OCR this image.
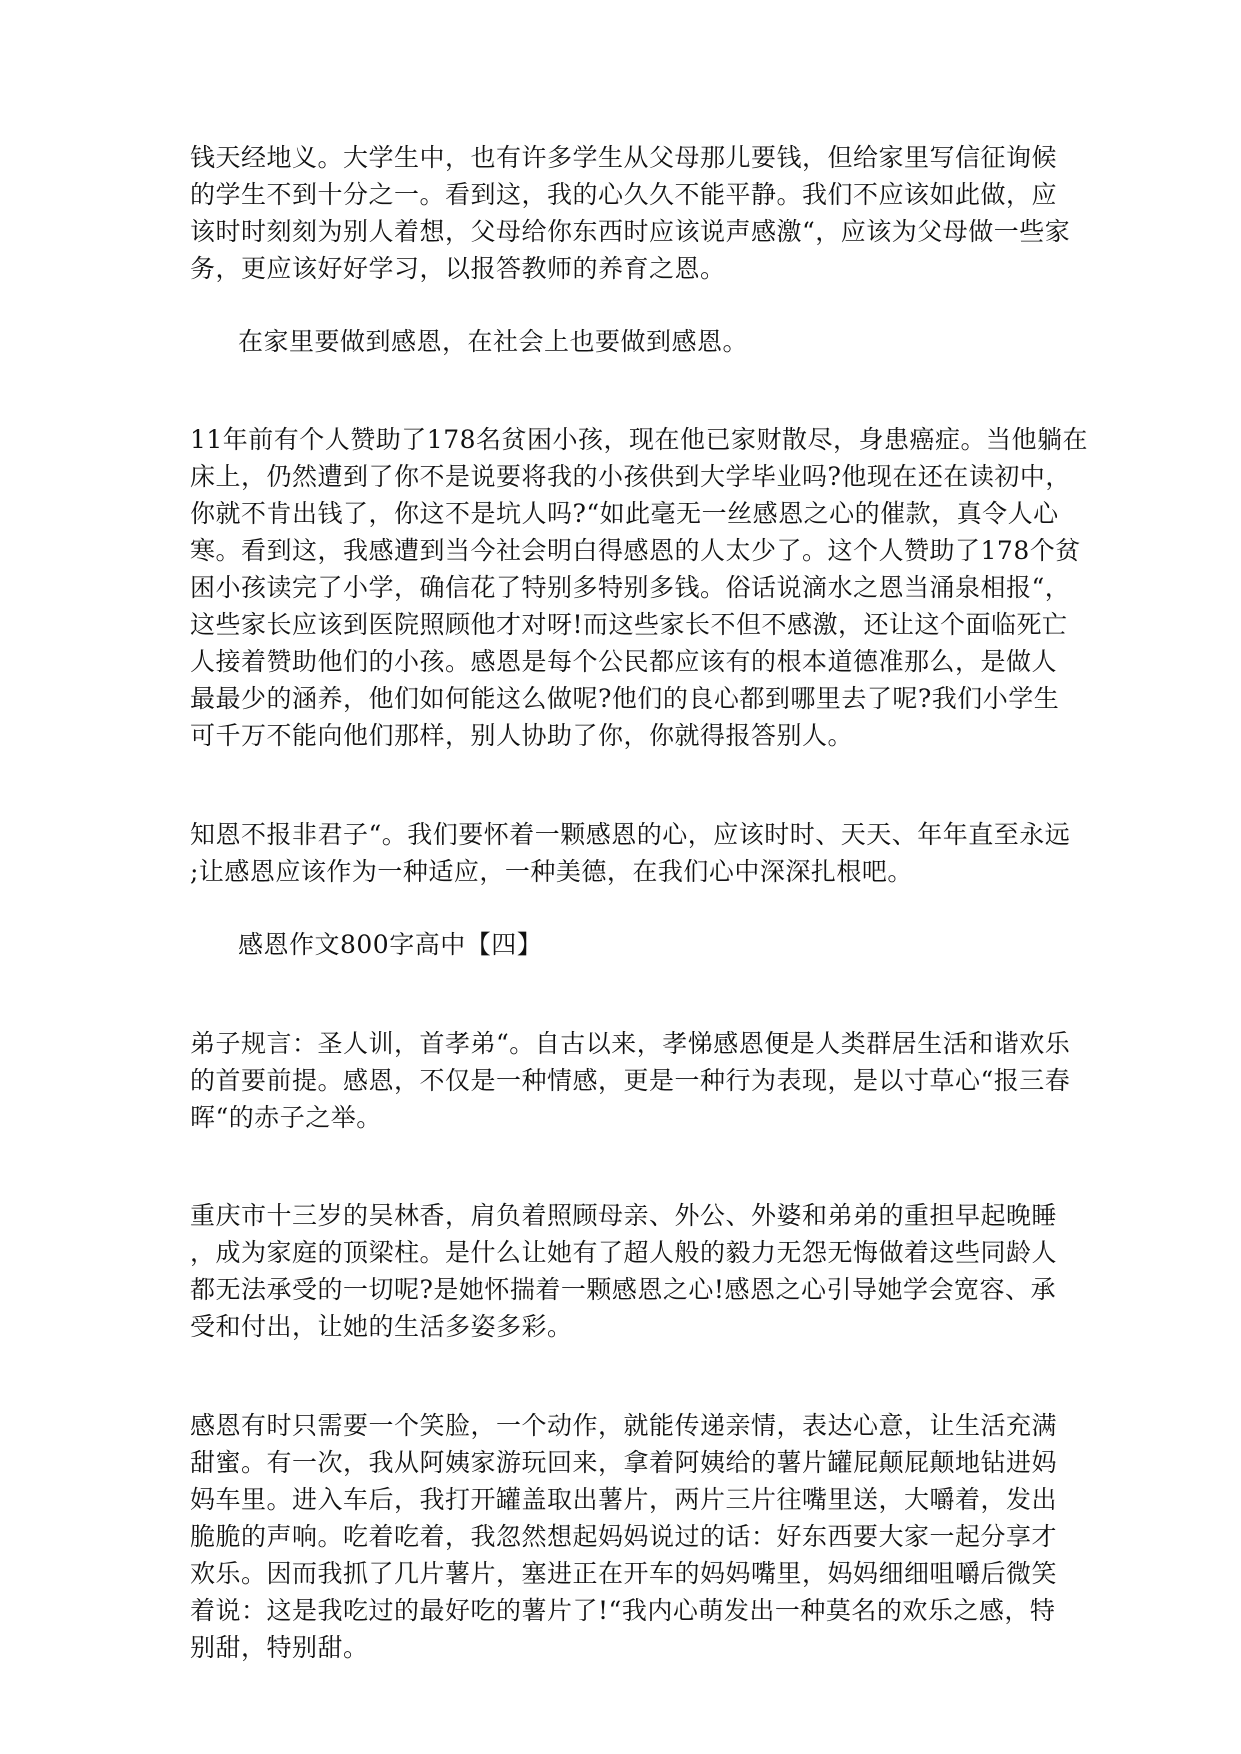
钱天经地义。大学生中，也有许多学生从父母那儿要钱，但给家里写信征询候
的学生不到十分之一。看到这，我的心久久不能平静。我们不应该如此做，应
该时时刻刻为别人着想，父母给你东西时应该说声感激“，应该为父母做一些家
务，更应该好好学习，以报答教师的养育之恩。
在家里要做到感恩，在社会上也要做到感恩。
11年前有个人赞助了178名贫困小孩，现在他已家财散尽，身患癌症。当他躺在
床上，仍然遭到了你不是说要将我的小孩供到大学毕业吗?他现在还在读初中，
你就不肯出钱了，你这不是坑人吗?“如此毫无一丝感恩之心的催款，真令人心
寒。看到这，我感遭到当今社会明白得感恩的人太少了。这个人赞助了178个贫
困小孩读完了小学，确信花了特别多特别多钱。俗话说滴水之恩当涌泉相报“，
这些家长应该到医院照顾他才对呀!而这些家长不但不感激，还让这个面临死亡
人接着赞助他们的小孩。感恩是每个公民都应该有的根本道德准那么，是做人
最最少的涵养，他们如何能这么做呢?他们的良心都到哪里去了呢?我们小学生
可千万不能向他们那样，别人协助了你，你就得报答别人。
知恩不报非君子“。我们要怀着一颗感恩的心，应该时时、天天、年年直至永远
;让感恩应该作为一种适应，一种美德，在我们心中深深扎根吧。
感恩作文800字高中【四】
弟子规言：圣人训，首孝弟“。自古以来，孝悌感恩便是人类群居生活和谐欢乐
的首要前提。感恩，不仅是一种情感，更是一种行为表现，是以寸草心“报三春
晖“的赤子之举。
重庆市十三岁的吴林香，肩负着照顾母亲、外公、外婆和弟弟的重担早起晚睡
，成为家庭的顶梁柱。是什么让她有了超人般的毅力无怨无悔做着这些同龄人
都无法承受的一切呢?是她怀揣着一颗感恩之心!感恩之心引导她学会宽容、承
受和付出，让她的生活多姿多彩。
感恩有时只需要一个笑脸，一个动作，就能传递亲情，表达心意，让生活充满
甜蜜。有一次，我从阿姨家游玩回来，拿着阿姨给的薯片罐屁颠屁颠地钻进妈
妈车里。进入车后，我打开罐盖取出薯片，两片三片往嘴里送，大嚼着，发出
脆脆的声响。吃着吃着，我忽然想起妈妈说过的话：好东西要大家一起分享才
欢乐。因而我抓了几片薯片，塞进正在开车的妈妈嘴里，妈妈细细咀嚼后微笑
着说：这是我吃过的最好吃的薯片了!“我内心萌发出一种莫名的欢乐之感，特
别甜，特别甜。
